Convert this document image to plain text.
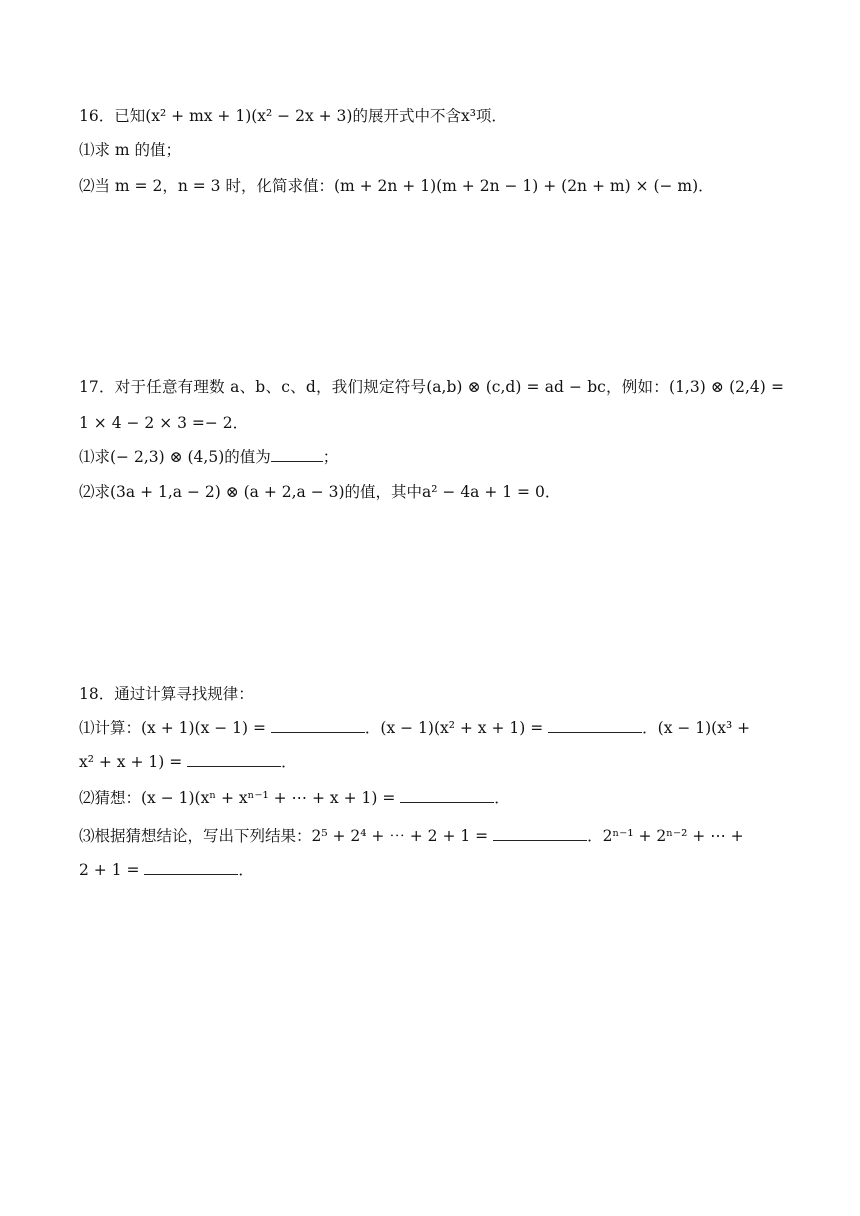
16．已知(x² + mx + 1)(x² − 2x + 3)的展开式中不含x³项．
⑴求 m 的值；
⑵当 m = 2，n = 3 时，化简求值：(m + 2n + 1)(m + 2n − 1) + (2n + m) × (− m)．
17．对于任意有理数 a、b、c、d，我们规定符号(a,b) ⊗ (c,d) = ad − bc，例如：(1,3) ⊗ (2,4) =
1 × 4 − 2 × 3 =− 2．
⑴求(− 2,3) ⊗ (4,5)的值为	；
⑵求(3a + 1,a − 2) ⊗ (a + 2,a − 3)的值，其中a² − 4a + 1 = 0．
18．通过计算寻找规律：
⑴计算：(x + 1)(x − 1) =	．(x − 1)(x² + x + 1) =	．(x − 1)(x³ +
x² + x + 1) =	．
⑵猜想：(x − 1)(xⁿ + xⁿ⁻¹ + ⋯ + x + 1) =	．
⑶根据猜想结论，写出下列结果：2⁵ + 2⁴ + ⋯ + 2 + 1 =	．2ⁿ⁻¹ + 2ⁿ⁻² + ⋯ +
2 + 1 =	．
